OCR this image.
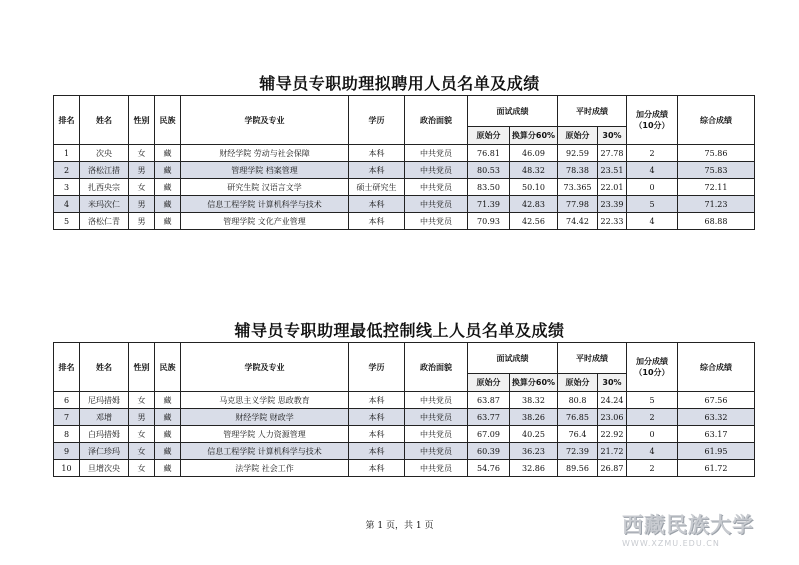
辅导员专职助理拟聘用人员名单及成绩
排名	姓名	性别	民族	学院及专业	学历	政治面貌	面试成绩		平时成绩		加分成绩
（10分）	综合成绩
							原始分	换算分60%	原始分	30%		
1	次央	女	藏	财经学院 劳动与社会保障	本科	中共党员	76.81	46.09	92.59	27.78	2	75.86
2	洛松江措	男	藏	管理学院 档案管理	本科	中共党员	80.53	48.32	78.38	23.51	4	75.83
3	扎西央宗	女	藏	研究生院 汉语言文学	硕士研究生	中共党员	83.50	50.10	73.365	22.01	0	72.11
4	米玛次仁	男	藏	信息工程学院 计算机科学与技术	本科	中共党员	71.39	42.83	77.98	23.39	5	71.23
5	洛松仁青	男	藏	管理学院 文化产业管理	本科	中共党员	70.93	42.56	74.42	22.33	4	68.88
辅导员专职助理最低控制线上人员名单及成绩
排名	姓名	性别	民族	学院及专业	学历	政治面貌	面试成绩		平时成绩		加分成绩
（10分）	综合成绩
							原始分	换算分60%	原始分	30%		
6	尼玛措姆	女	藏	马克思主义学院 思政教育	本科	中共党员	63.87	38.32	80.8	24.24	5	67.56
7	邓增	男	藏	财经学院 财政学	本科	中共党员	63.77	38.26	76.85	23.06	2	63.32
8	白玛措姆	女	藏	管理学院 人力资源管理	本科	中共党员	67.09	40.25	76.4	22.92	0	63.17
9	泽仁珍玛	女	藏	信息工程学院 计算机科学与技术	本科	中共党员	60.39	36.23	72.39	21.72	4	61.95
10	旦增次央	女	藏	法学院 社会工作	本科	中共党员	54.76	32.86	89.56	26.87	2	61.72
第 1 页，共 1 页	西藏民族大学
WWW.XZMU.EDU.CN
